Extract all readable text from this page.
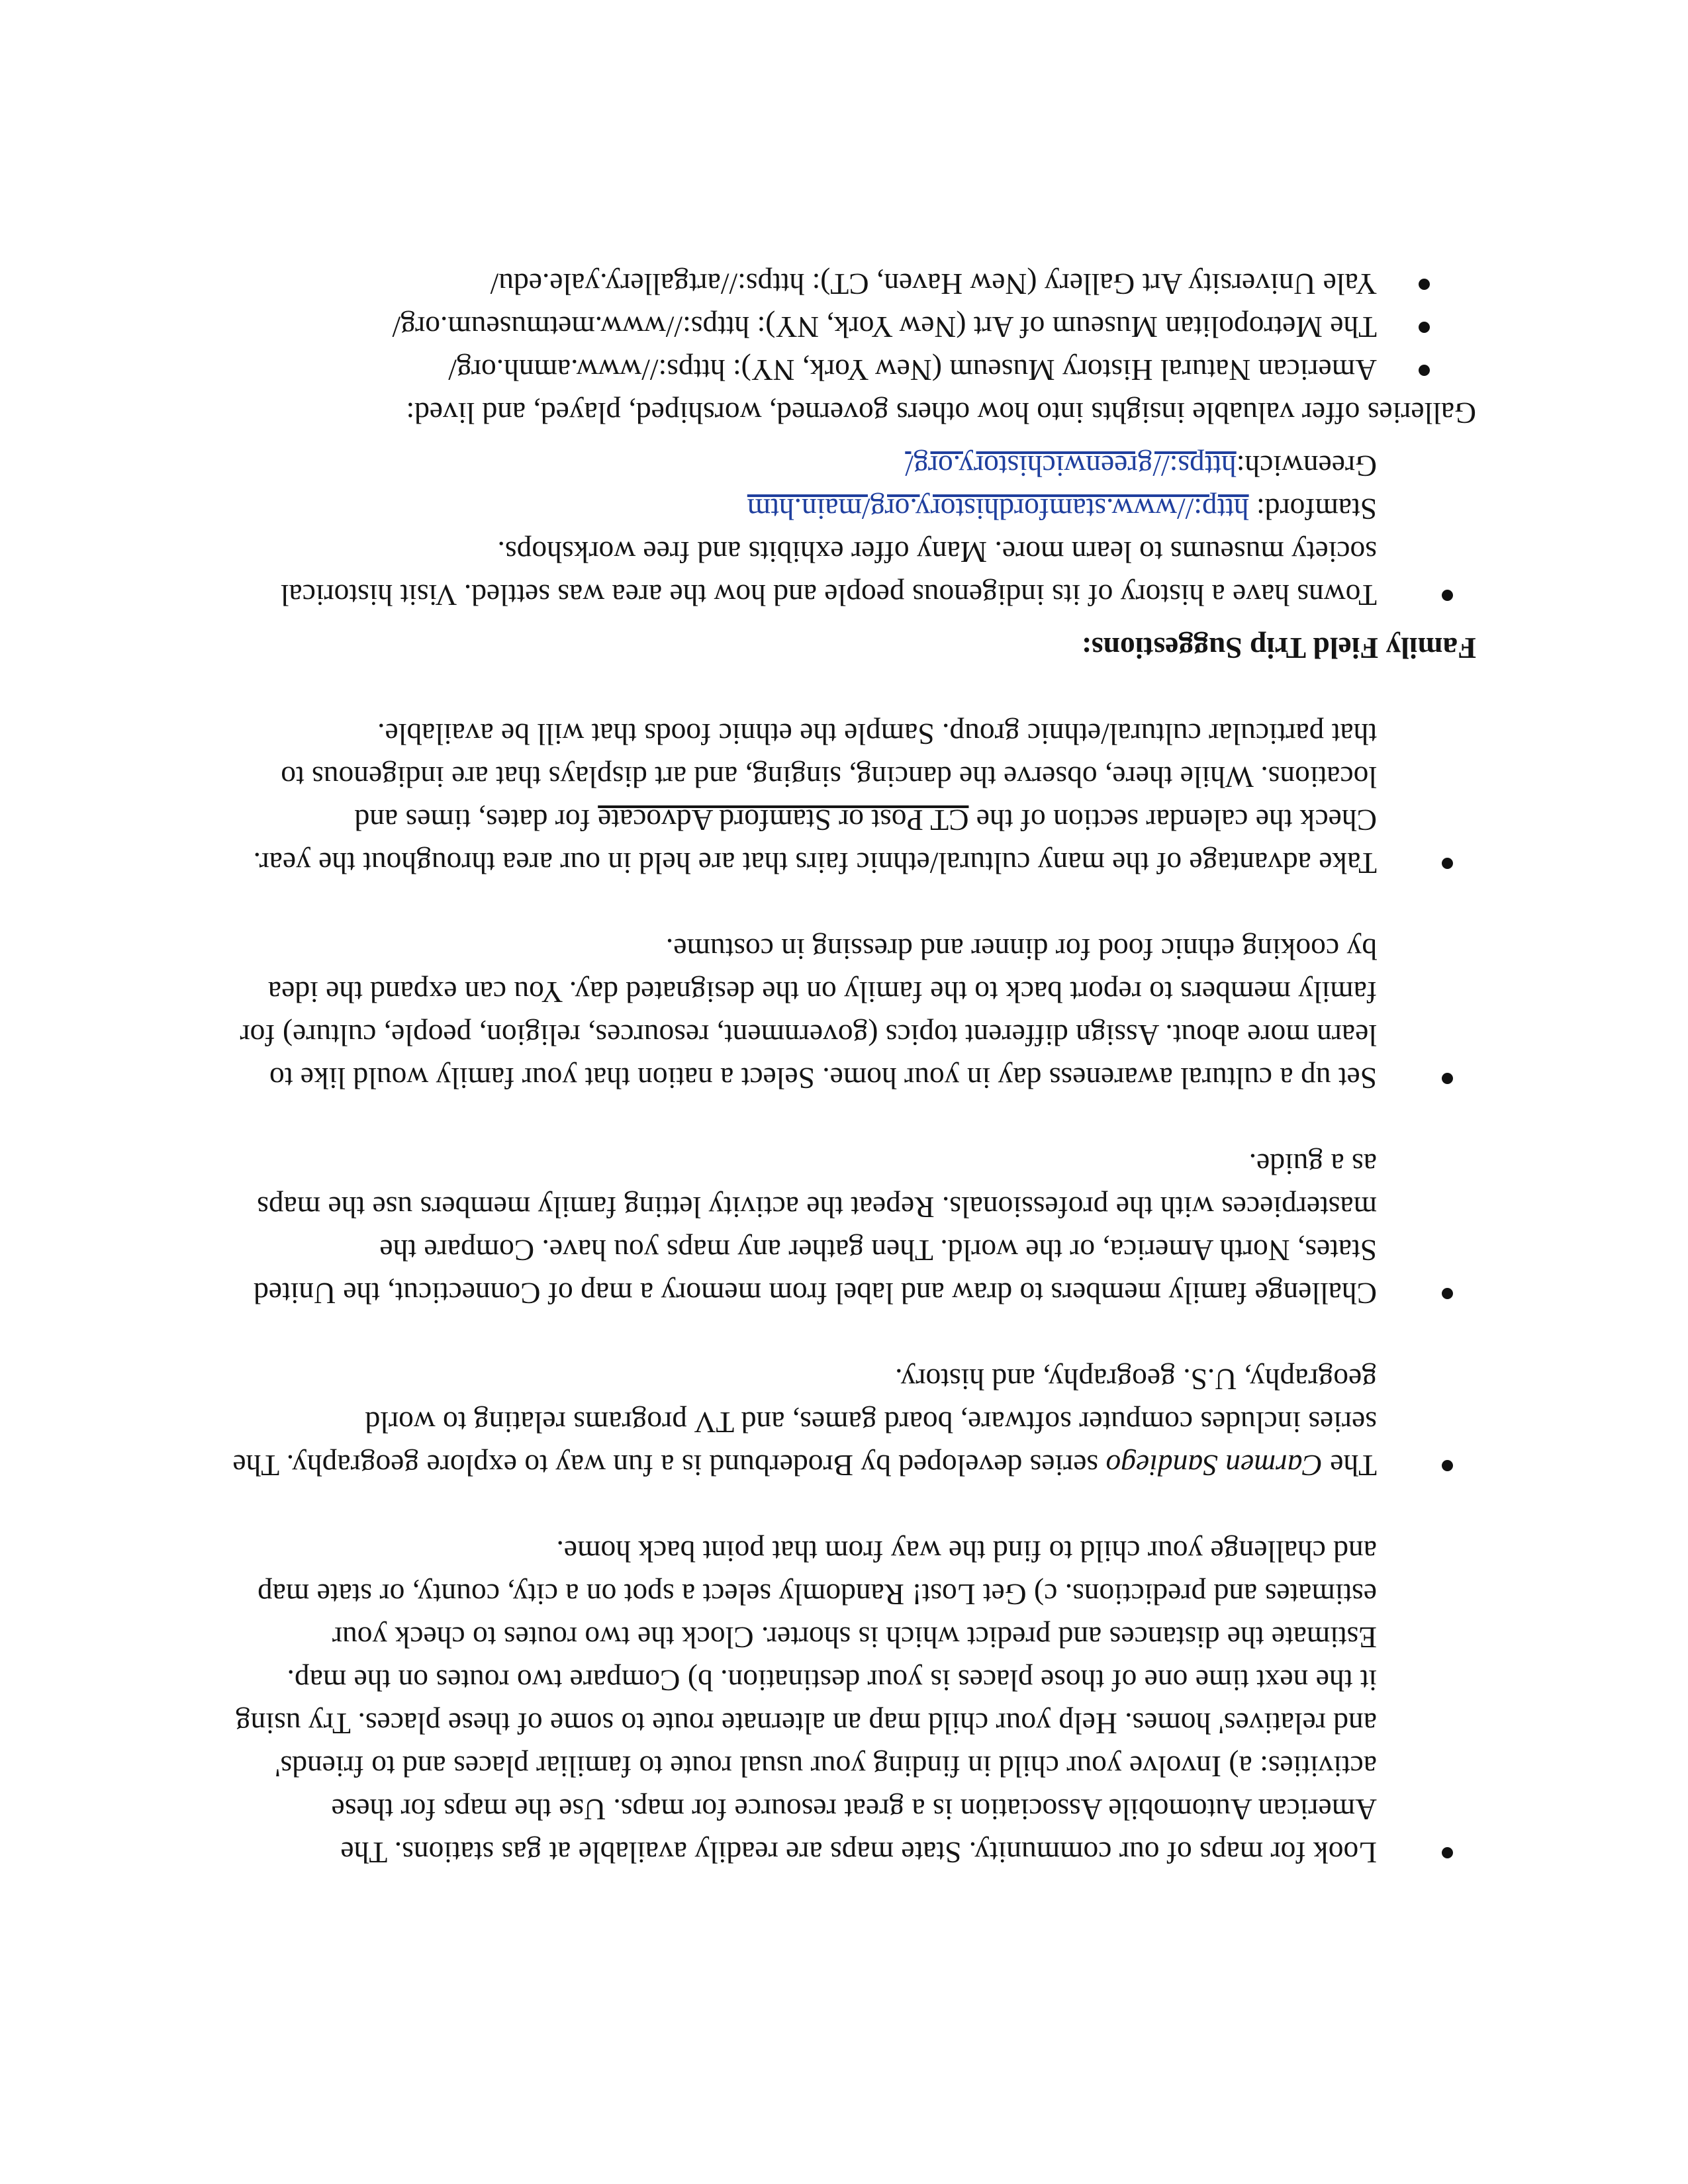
Look for maps of our community. State maps are readily available at gas stations. The American Automobile Association is a great resource for maps. Use the maps for these activities: a) Involve your child in finding your usual route to familiar places and to friends' and relatives' homes. Help your child map an alternate route to some of these places. Try using it the next time one of those places is your destination. b) Compare two routes on the map. Estimate the distances and predict which is shorter. Clock the two routes to check your estimates and predictions. c) Get Lost! Randomly select a spot on a city, county, or state map and challenge your child to find the way from that point back home.
The Carmen Sandiego series developed by Broderbund is a fun way to explore geography. The series includes computer software, board games, and TV programs relating to world geography, U.S. geography, and history.
Challenge family members to draw and label from memory a map of Connecticut, the United States, North America, or the world. Then gather any maps you have. Compare the masterpieces with the professionals. Repeat the activity letting family members use the maps as a guide.
Set up a cultural awareness day in your home. Select a nation that your family would like to learn more about. Assign different topics (government, resources, religion, people, culture) for family members to report back to the family on the designated day. You can expand the idea by cooking ethnic food for dinner and dressing in costume.
Take advantage of the many cultural/ethnic fairs that are held in our area throughout the year. Check the calendar section of the CT Post or Stamford Advocate for dates, times and locations. While there, observe the dancing, singing, and art displays that are indigenous to that particular cultural/ethnic group. Sample the ethnic foods that will be available.

Family Field Trip Suggestions:

Towns have a history of its indigenous people and how the area was settled. Visit historical society museums to learn more. Many offer exhibits and free workshops.

Stamford: http://www.stamfordhistory.org/main.htm

Greenwich:https://greenwichistory.org/

Galleries offer valuable insights into how others governed, worshiped, played, and lived:

American Natural History Museum (New York, NY): https://www.amnh.org/
The Metropolitan Museum of Art (New York, NY): https://www.metmuseum.org/
Yale University Art Gallery (New Haven, CT): https://artgallery.yale.edu/
